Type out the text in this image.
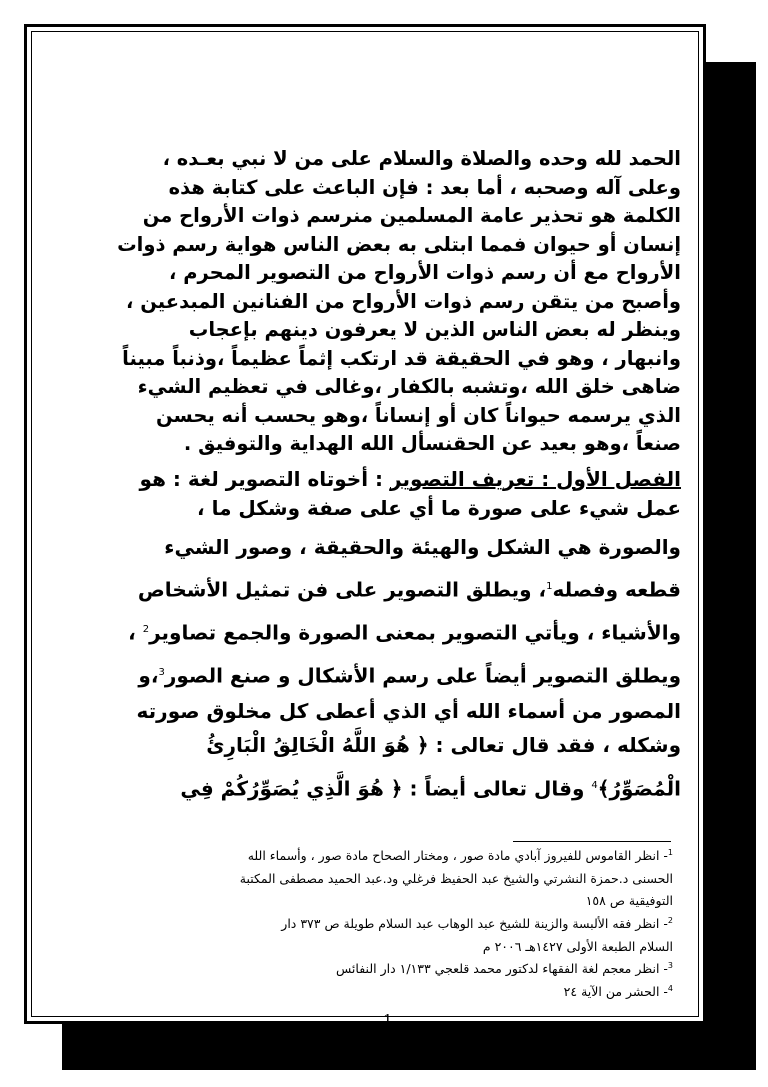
الحمد لله وحده والصلاة والسلام على من لا نبي بعـده ،

وعلى آله وصحبه ، أما بعد : فإن الباعث على كتابة هذه

الكلمة هو تحذير عامة المسلمين منرسم ذوات الأرواح من

إنسان أو حيوان فمما ابتلى به بعض الناس هواية رسم ذوات

الأرواح مع أن رسم ذوات الأرواح من التصوير المحرم ،

وأصبح من يتقن رسم ذوات الأرواح من الفنانين المبدعين ،

وينظر له بعض الناس الذين لا يعرفون دينهم بإعجاب

وانبهار ، وهو في الحقيقة قد ارتكب إثماً عظيماً ،وذنباً مبيناً

ضاهى خلق الله ،وتشبه بالكفار ،وغالى في تعظيم الشيء

الذي يرسمه حيواناً كان أو إنساناً ،وهو يحسب أنه يحسن

صنعاً ،وهو بعيد عن الحقنسأل الله الهداية والتوفيق .

الفصل الأول : تعريف التصوير : أخوتاه التصوير لغة : هو

عمل شيء على صورة ما أي على صفة وشكل ما ،

والصورة هي الشكل والهيئة والحقيقة ، وصور الشيء

قطعه وفصله$^1$، ويطلق التصوير على فن تمثيل الأشخاص

والأشياء ، ويأتي التصوير بمعنى الصورة والجمع تصاوير$^2$ ،

ويطلق التصوير أيضاً على رسم الأشكال و صنع الصور$^3$،و

المصور من أسماء الله أي الذي أعطى كل مخلوق صورته

وشكله ، فقد قال تعالى : ﴿ هُوَ اللَّهُ الْخَالِقُ الْبَارِئُ

الْمُصَوِّرُ﴾$^4$ وقال تعالى أيضاً : ﴿ هُوَ الَّذِي يُصَوِّرُكُمْ فِي

$^1$- انظر القاموس للفيروز آبادي مادة صور ، ومختار الصحاح مادة صور ، وأسماء الله

الحسنى د.حمزة النشرتي والشيخ عبد الحفيظ فرغلي ود.عبد الحميد مصطفى المكتبة

التوفيقية ص ١٥٨

$^2$- انظر فقه الألبسة والزينة للشيخ عبد الوهاب عبد السلام طويلة ص ٣٧٣ دار

السلام الطبعة الأولى ١٤٢٧هـ ٢٠٠٦ م

$^3$- انظر معجم لغة الفقهاء لدكتور محمد قلعجي ١/١٣٣ دار النفائس

$^4$- الحشر من الآية ٢٤

1
